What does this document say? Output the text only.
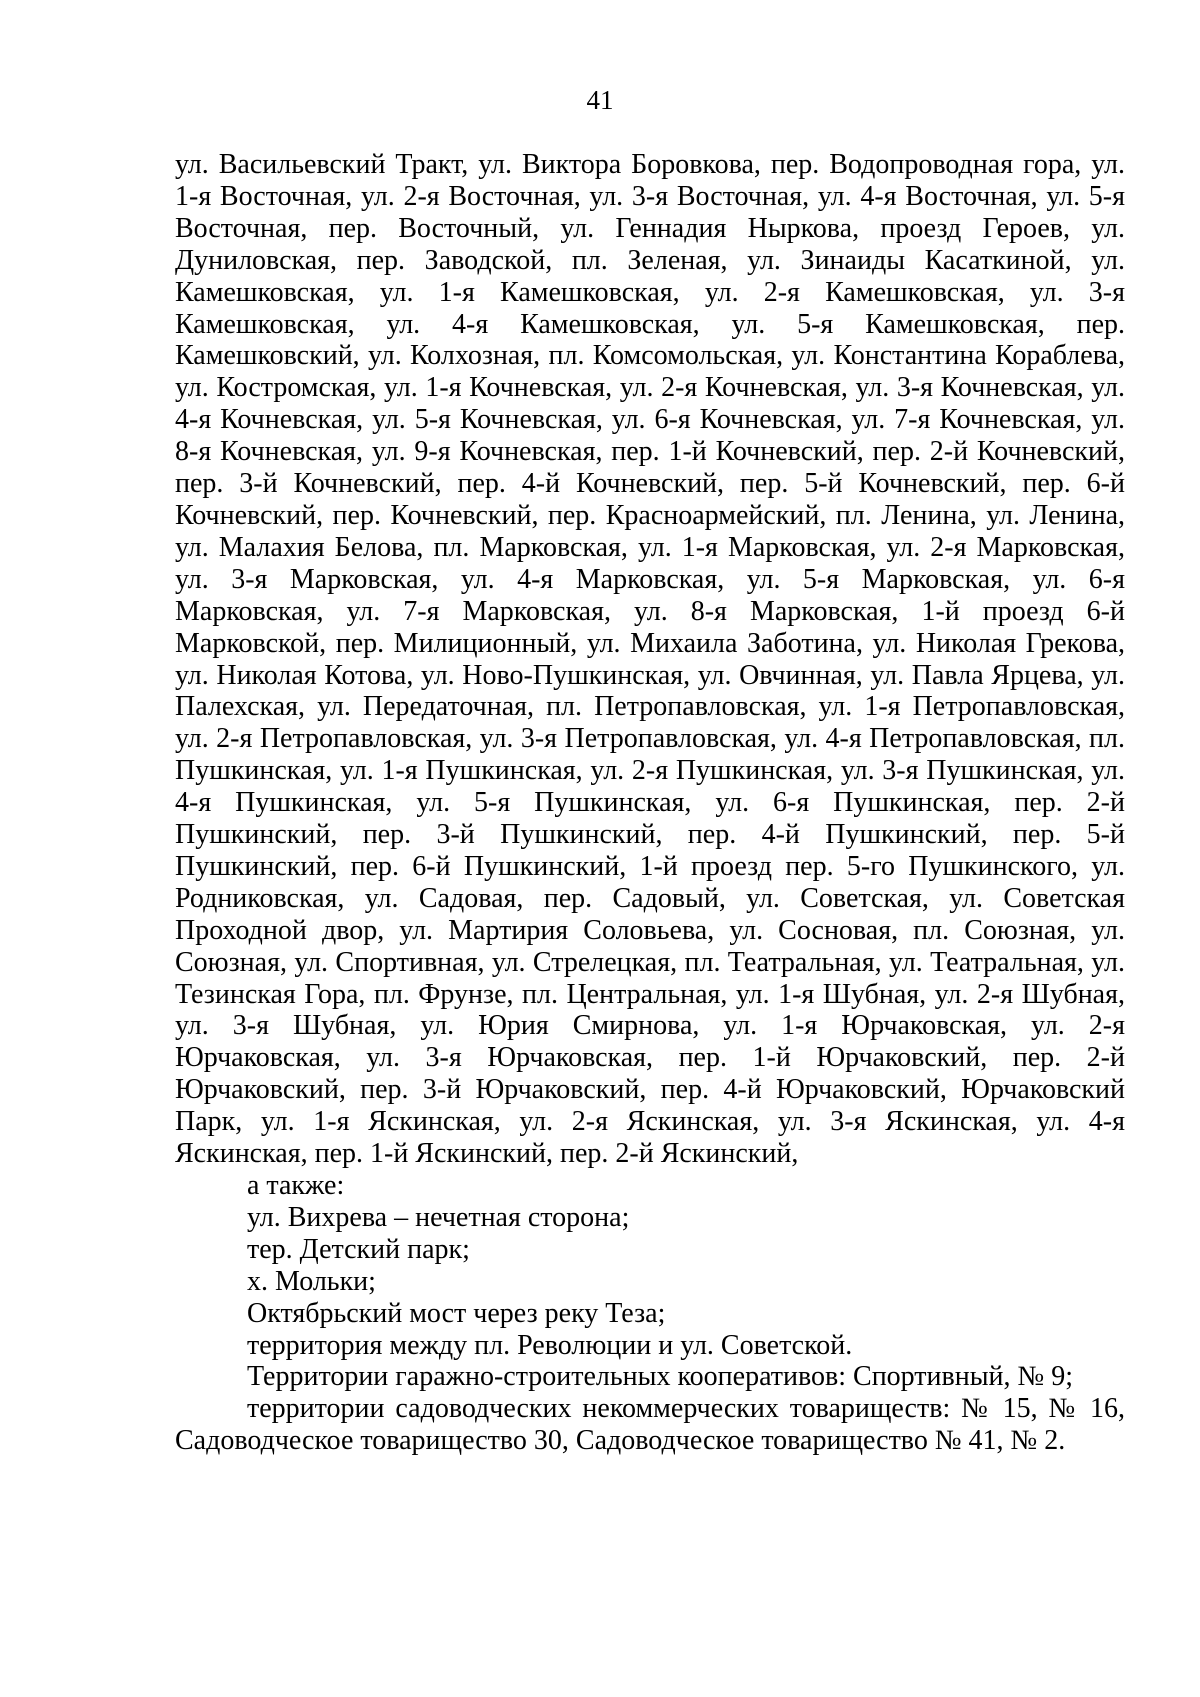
41

ул. Васильевский Тракт, ул. Виктора Боровкова, пер. Водопроводная гора, ул. 1-я Восточная, ул. 2-я Восточная, ул. 3-я Восточная, ул. 4-я Восточная, ул. 5-я Восточная, пер. Восточный, ул. Геннадия Ныркова, проезд Героев, ул. Дуниловская, пер. Заводской, пл. Зеленая, ул. Зинаиды Касаткиной, ул. Камешковская, ул. 1-я Камешковская, ул. 2-я Камешковская, ул. 3-я Камешковская, ул. 4-я Камешковская, ул. 5-я Камешковская, пер. Камешковский, ул. Колхозная, пл. Комсомольская, ул. Константина Кораблева, ул. Костромская, ул. 1-я Кочневская, ул. 2-я Кочневская, ул. 3-я Кочневская, ул. 4-я Кочневская, ул. 5-я Кочневская, ул. 6-я Кочневская, ул. 7-я Кочневская, ул. 8-я Кочневская, ул. 9-я Кочневская, пер. 1-й Кочневский, пер. 2-й Кочневский, пер. 3-й Кочневский, пер. 4-й Кочневский, пер. 5-й Кочневский, пер. 6-й Кочневский, пер. Кочневский, пер. Красноармейский, пл. Ленина, ул. Ленина, ул. Малахия Белова, пл. Марковская, ул. 1-я Марковская, ул. 2-я Марковская, ул. 3-я Марковская, ул. 4-я Марковская, ул. 5-я Марковская, ул. 6-я Марковская, ул. 7-я Марковская, ул. 8-я Марковская, 1-й проезд 6-й Марковской, пер. Милиционный, ул. Михаила Заботина, ул. Николая Грекова, ул. Николая Котова, ул. Ново-Пушкинская, ул. Овчинная, ул. Павла Ярцева, ул. Палехская, ул. Передаточная, пл. Петропавловская, ул. 1-я Петропавловская, ул. 2-я Петропавловская, ул. 3-я Петропавловская, ул. 4-я Петропавловская, пл. Пушкинская, ул. 1-я Пушкинская, ул. 2-я Пушкинская, ул. 3-я Пушкинская, ул. 4-я Пушкинская, ул. 5-я Пушкинская, ул. 6-я Пушкинская, пер. 2-й Пушкинский, пер. 3-й Пушкинский, пер. 4-й Пушкинский, пер. 5-й Пушкинский, пер. 6-й Пушкинский, 1-й проезд пер. 5-го Пушкинского, ул. Родниковская, ул. Садовая, пер. Садовый, ул. Советская, ул. Советская Проходной двор, ул. Мартирия Соловьева, ул. Сосновая, пл. Союзная, ул. Союзная, ул. Спортивная, ул. Стрелецкая, пл. Театральная, ул. Театральная, ул. Тезинская Гора, пл. Фрунзе, пл. Центральная, ул. 1-я Шубная, ул. 2-я Шубная, ул. 3-я Шубная, ул. Юрия Смирнова, ул. 1-я Юрчаковская, ул. 2-я Юрчаковская, ул. 3-я Юрчаковская, пер. 1-й Юрчаковский, пер. 2-й Юрчаковский, пер. 3-й Юрчаковский, пер. 4-й Юрчаковский, Юрчаковский Парк, ул. 1-я Яскинская, ул. 2-я Яскинская, ул. 3-я Яскинская, ул. 4-я Яскинская, пер. 1-й Яскинский, пер. 2-й Яскинский,

а также:

ул. Вихрева – нечетная сторона;

тер. Детский парк;

х. Мольки;

Октябрьский мост через реку Теза;

территория между пл. Революции и ул. Советской.

Территории гаражно-строительных кооперативов: Спортивный, № 9;

территории садоводческих некоммерческих товариществ: № 15, № 16, Садоводческое товарищество 30, Садоводческое товарищество № 41, № 2.
